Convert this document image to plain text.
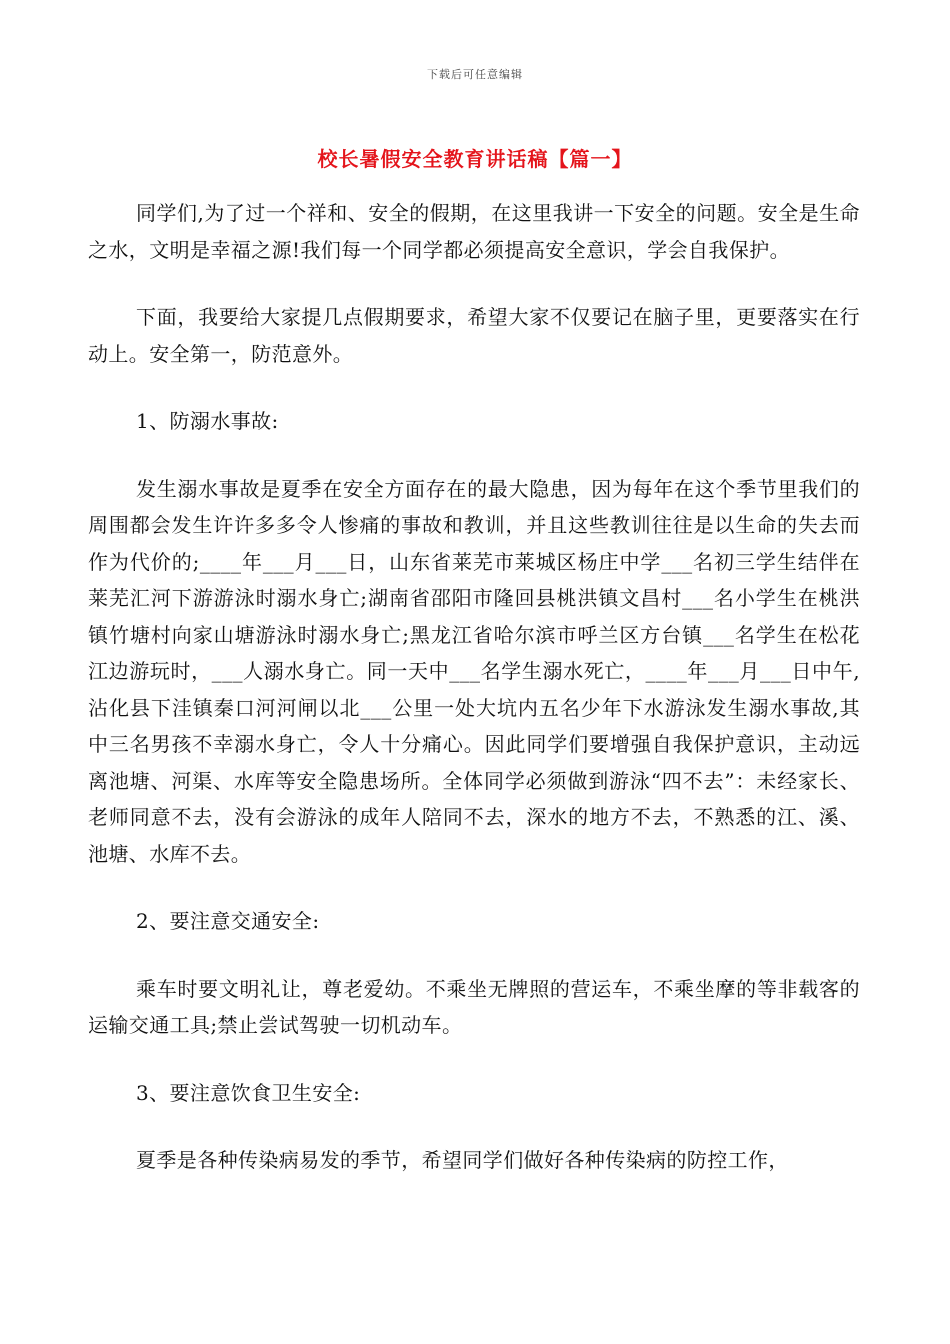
下载后可任意编辑
校长暑假安全教育讲话稿【篇一】

同学们,为了过一个祥和、安全的假期，在这里我讲一下安全的问题。安全是生命之水，文明是幸福之源!我们每一个同学都必须提高安全意识，学会自我保护。

下面，我要给大家提几点假期要求，希望大家不仅要记在脑子里，更要落实在行动上。安全第一，防范意外。

1、防溺水事故:

发生溺水事故是夏季在安全方面存在的最大隐患，因为每年在这个季节里我们的周围都会发生许许多多令人惨痛的事故和教训，并且这些教训往往是以生命的失去而作为代价的;____年___月___日，山东省莱芜市莱城区杨庄中学___名初三学生结伴在莱芜汇河下游游泳时溺水身亡;湖南省邵阳市隆回县桃洪镇文昌村___名小学生在桃洪镇竹塘村向家山塘游泳时溺水身亡;黑龙江省哈尔滨市呼兰区方台镇___名学生在松花江边游玩时，___人溺水身亡。同一天中___名学生溺水死亡，____年___月___日中午,沾化县下洼镇秦口河河闸以北___公里一处大坑内五名少年下水游泳发生溺水事故,其中三名男孩不幸溺水身亡，令人十分痛心。因此同学们要增强自我保护意识，主动远离池塘、河渠、水库等安全隐患场所。全体同学必须做到游泳“四不去”：未经家长、老师同意不去，没有会游泳的成年人陪同不去，深水的地方不去，不熟悉的江、溪、池塘、水库不去。

2、要注意交通安全:

乘车时要文明礼让，尊老爱幼。不乘坐无牌照的营运车，不乘坐摩的等非载客的运输交通工具;禁止尝试驾驶一切机动车。

3、要注意饮食卫生安全:

夏季是各种传染病易发的季节，希望同学们做好各种传染病的防控工作，
